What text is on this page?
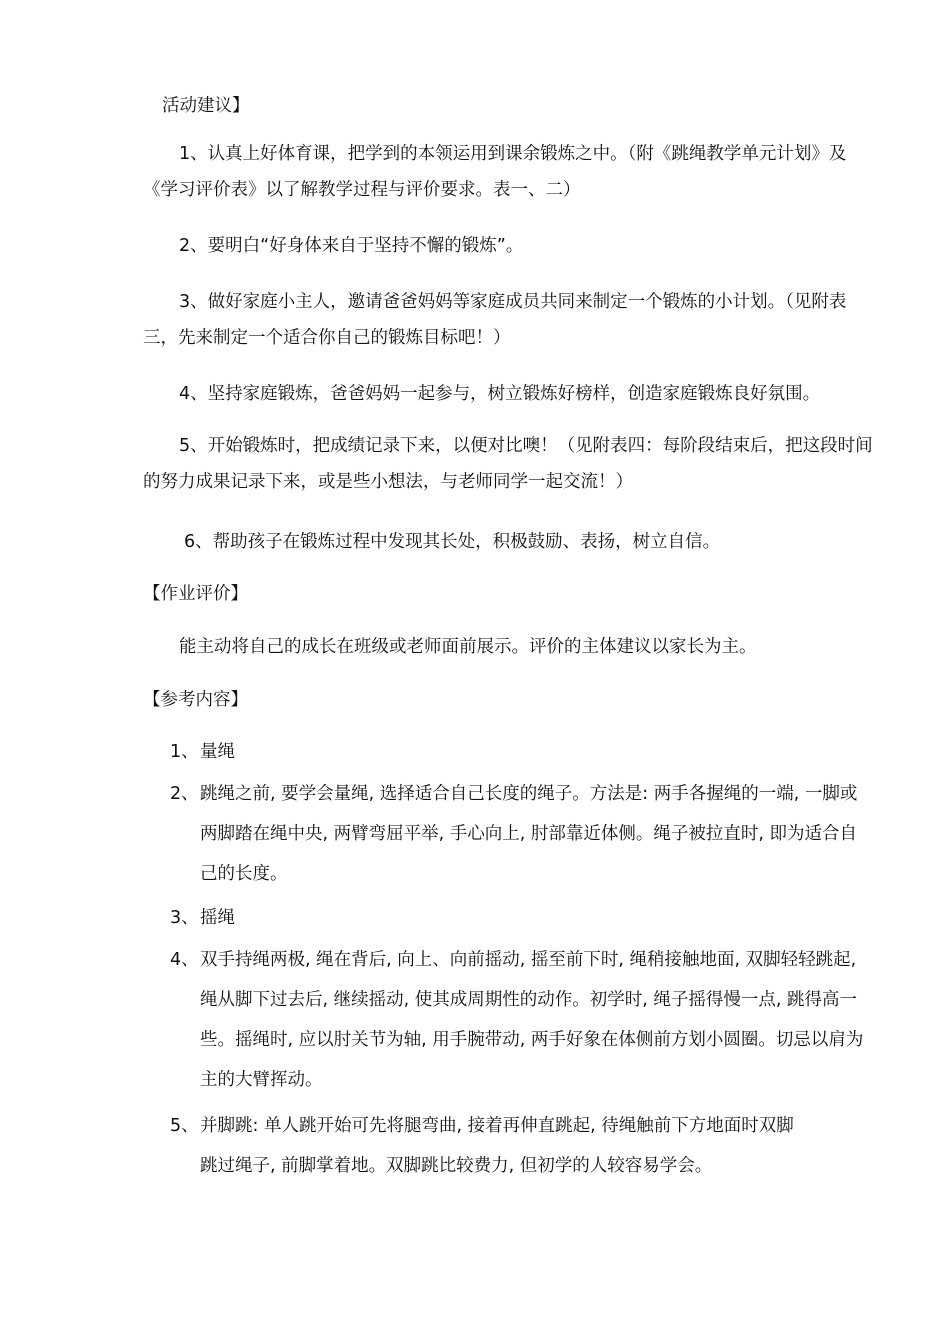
活动建议】
1、认真上好体育课，把学到的本领运用到课余锻炼之中。（附《跳绳教学单元计划》及《学习评价表》以了解教学过程与评价要求。表一、二）
2、要明白“好身体来自于坚持不懈的锻炼”。
3、做好家庭小主人，邀请爸爸妈妈等家庭成员共同来制定一个锻炼的小计划。（见附表三，先来制定一个适合你自己的锻炼目标吧！）
4、坚持家庭锻炼，爸爸妈妈一起参与，树立锻炼好榜样，创造家庭锻炼良好氛围。
5、开始锻炼时，把成绩记录下来，以便对比噢！（见附表四：每阶段结束后，把这段时间的努力成果记录下来，或是些小想法，与老师同学一起交流！）
6、帮助孩子在锻炼过程中发现其长处，积极鼓励、表扬，树立自信。
【作业评价】
能主动将自己的成长在班级或老师面前展示。评价的主体建议以家长为主。
【参考内容】
1、 量绳
2、 跳绳之前, 要学会量绳, 选择适合自己长度的绳子。方法是: 两手各握绳的一端, 一脚或两脚踏在绳中央, 两臂弯屈平举, 手心向上, 肘部靠近体侧。绳子被拉直时, 即为适合自己的长度。
3、 摇绳
4、 双手持绳两极, 绳在背后, 向上、向前摇动, 摇至前下时, 绳稍接触地面, 双脚轻轻跳起, 绳从脚下过去后, 继续摇动, 使其成周期性的动作。初学时, 绳子摇得慢一点, 跳得高一些。摇绳时, 应以肘关节为轴, 用手腕带动, 两手好象在体侧前方划小圆圈。切忌以肩为主的大臂挥动。
5、 并脚跳: 单人跳开始可先将腿弯曲, 接着再伸直跳起, 待绳触前下方地面时双脚跳过绳子, 前脚掌着地。双脚跳比较费力, 但初学的人较容易学会。
